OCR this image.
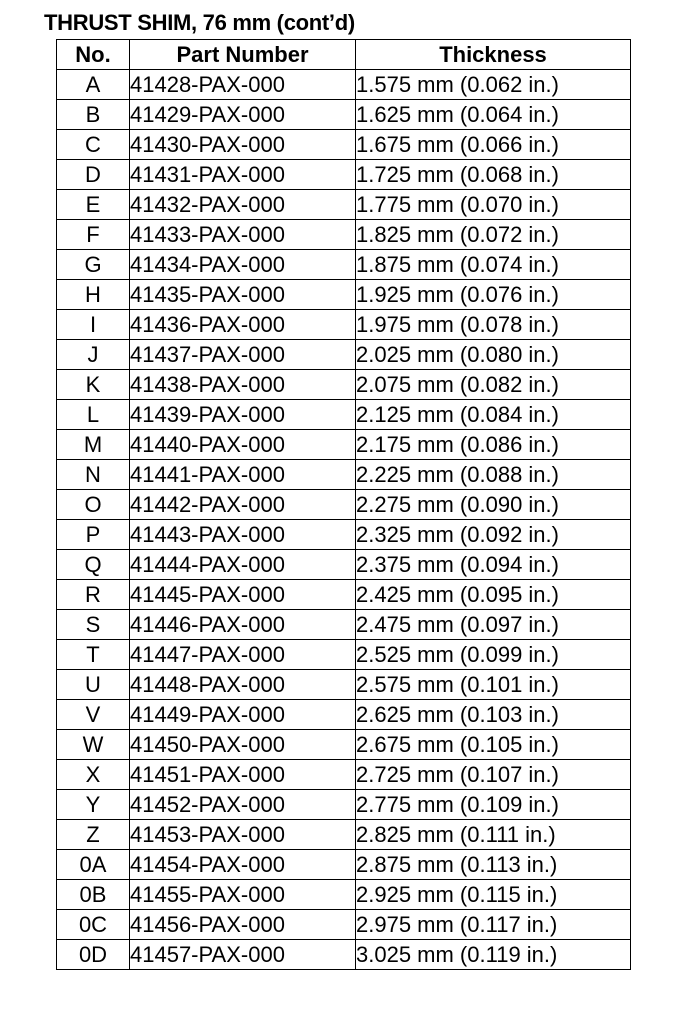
THRUST SHIM, 76 mm (cont’d)
No.	Part Number	Thickness
A	41428-PAX-000	1.575 mm (0.062 in.)
B	41429-PAX-000	1.625 mm (0.064 in.)
C	41430-PAX-000	1.675 mm (0.066 in.)
D	41431-PAX-000	1.725 mm (0.068 in.)
E	41432-PAX-000	1.775 mm (0.070 in.)
F	41433-PAX-000	1.825 mm (0.072 in.)
G	41434-PAX-000	1.875 mm (0.074 in.)
H	41435-PAX-000	1.925 mm (0.076 in.)
I	41436-PAX-000	1.975 mm (0.078 in.)
J	41437-PAX-000	2.025 mm (0.080 in.)
K	41438-PAX-000	2.075 mm (0.082 in.)
L	41439-PAX-000	2.125 mm (0.084 in.)
M	41440-PAX-000	2.175 mm (0.086 in.)
N	41441-PAX-000	2.225 mm (0.088 in.)
O	41442-PAX-000	2.275 mm (0.090 in.)
P	41443-PAX-000	2.325 mm (0.092 in.)
Q	41444-PAX-000	2.375 mm (0.094 in.)
R	41445-PAX-000	2.425 mm (0.095 in.)
S	41446-PAX-000	2.475 mm (0.097 in.)
T	41447-PAX-000	2.525 mm (0.099 in.)
U	41448-PAX-000	2.575 mm (0.101 in.)
V	41449-PAX-000	2.625 mm (0.103 in.)
W	41450-PAX-000	2.675 mm (0.105 in.)
X	41451-PAX-000	2.725 mm (0.107 in.)
Y	41452-PAX-000	2.775 mm (0.109 in.)
Z	41453-PAX-000	2.825 mm (0.111 in.)
0A	41454-PAX-000	2.875 mm (0.113 in.)
0B	41455-PAX-000	2.925 mm (0.115 in.)
0C	41456-PAX-000	2.975 mm (0.117 in.)
0D	41457-PAX-000	3.025 mm (0.119 in.)
